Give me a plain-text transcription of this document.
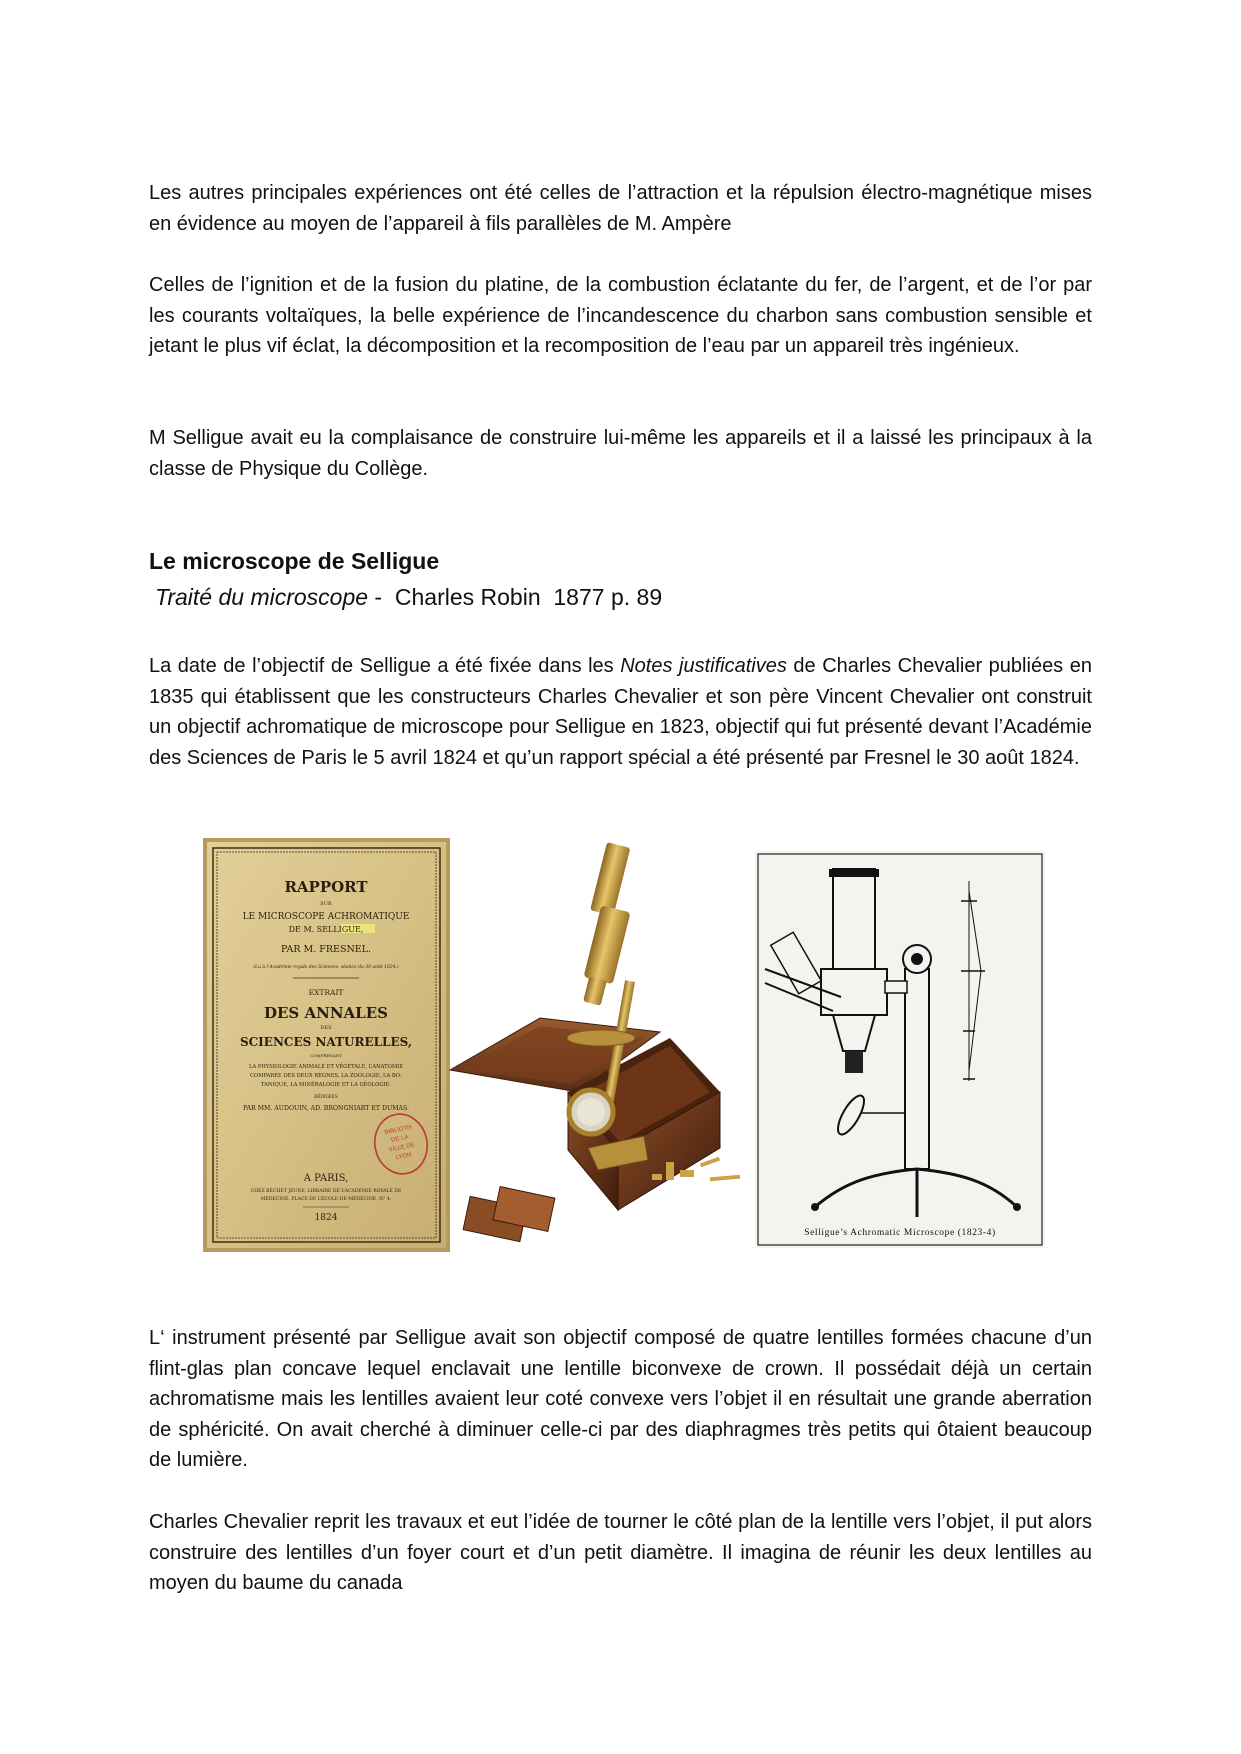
Les autres principales expériences ont été celles de l’attraction et la répulsion électro-magnétique mises en évidence au moyen de l’appareil à fils parallèles de M. Ampère

Celles de l’ignition et de la fusion du platine, de la combustion éclatante du fer, de l’argent, et de l’or par les courants voltaïques, la belle expérience de l’incandescence du charbon sans combustion sensible et jetant le plus vif éclat, la décomposition et la recomposition de l’eau par un appareil très ingénieux.

M Selligue avait eu la complaisance de construire lui-même les appareils et il a laissé les principaux à la classe de Physique du Collège.

Le microscope de Selligue

Traité du microscope -  Charles Robin  1877 p. 89

La date de l’objectif de Selligue a été fixée dans les Notes justificatives de Charles Chevalier publiées en 1835 qui établissent que les constructeurs Charles Chevalier et son père Vincent Chevalier ont construit un objectif achromatique de microscope pour Selligue en 1823, objectif qui fut présenté devant l’Académie des Sciences de Paris le 5 avril 1824 et qu’un rapport spécial a été présenté par Fresnel le 30 août 1824.

RAPPORT
SUR
LE MICROSCOPE ACHROMATIQUE
DE M. SELLIGUE,
PAR M. FRESNEL.
(Lu à l’Académie royale des Sciences, séance du 30 août 1824.)
EXTRAIT
DES ANNALES
DES
SCIENCES NATURELLES,
COMPRENANT
LA PHYSIOLOGIE ANIMALE ET VÉGÉTALE, L’ANATOMIE
COMPARÉE DES DEUX RÈGNES, LA ZOOLOGIE, LA BO-
TANIQUE, LA MINÉRALOGIE ET LA GÉOLOGIE.
RÉDIGÉES
PAR MM. AUDOUIN, AD. BRONGNIART ET DUMAS.
BIBLIOTH
DE LA
VILLE DE
LYON
A PARIS,
CHEZ BÉCHET JEUNE, LIBRAIRE DE L’ACADÉMIE ROYALE DE
MÉDECINE, PLACE DE L’ÉCOLE-DE-MÉDECINE, N° 4.
1824
Selligue’s Achromatic Microscope (1823-4)

L‘ instrument présenté par Selligue avait son objectif composé de quatre lentilles formées chacune d’un flint-glas plan concave lequel enclavait une lentille biconvexe de crown. Il possédait déjà un certain achromatisme mais les lentilles avaient leur coté convexe vers l’objet il en résultait une grande aberration de sphéricité. On avait cherché à diminuer celle-ci par des diaphragmes très petits qui ôtaient beaucoup de lumière.

Charles Chevalier reprit les travaux et eut l’idée de tourner le côté plan de la lentille vers l’objet, il put alors construire des lentilles d’un foyer court et d’un petit diamètre. Il imagina de réunir les deux lentilles au moyen du baume du canada
